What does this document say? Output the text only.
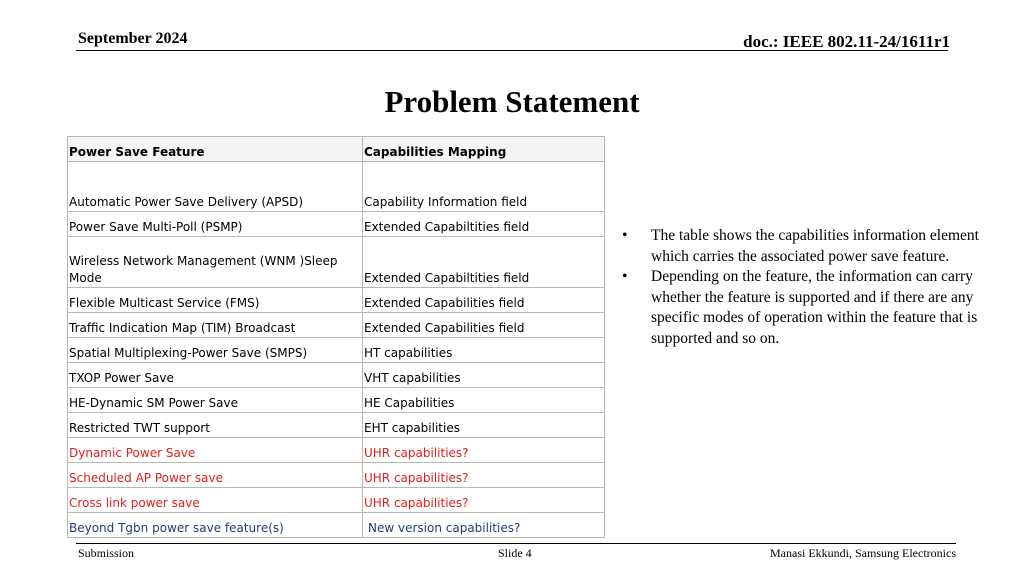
September 2024	doc.: IEEE 802.11-24/1611r1
Problem Statement
Power Save Feature	Capabilities Mapping
Automatic Power Save Delivery (APSD)	Capability Information field
Power Save Multi-Poll (PSMP)	Extended Capabiltities field
Wireless Network Management (WNM )Sleep Mode	Extended Capabiltities field
Flexible Multicast Service (FMS)	Extended Capabilities field
Traffic Indication Map (TIM) Broadcast	Extended Capabilities field
Spatial Multiplexing-Power Save (SMPS)	HT capabilities
TXOP Power Save	VHT capabilities
HE-Dynamic SM Power Save	HE Capabilities
Restricted TWT support	EHT capabilities
Dynamic Power Save	UHR capabilities?
Scheduled AP Power save	UHR capabilities?
Cross link power save	UHR capabilities?
Beyond Tgbn power save feature(s)	New version capabilities?
• The table shows the capabilities information element which carries the associated power save feature.
• Depending on the feature, the information can carry whether the feature is supported and if there are any specific modes of operation within the feature that is supported and so on.
Submission	Slide 4	Manasi Ekkundi, Samsung Electronics
